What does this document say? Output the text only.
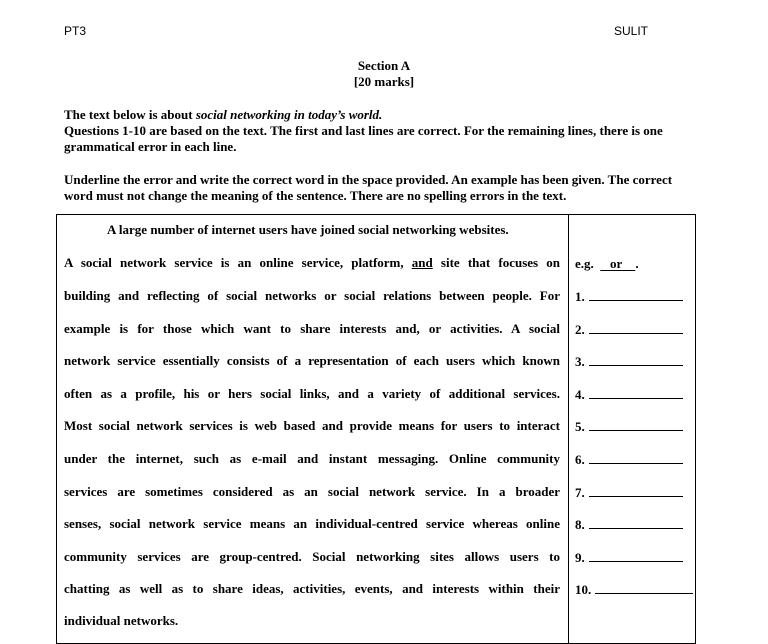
PT3	SULIT
Section A
[20 marks]

The text below is about social networking in today’s world.
Questions 1-10 are based on the text. The first and last lines are correct. For the remaining lines, there is one grammatical error in each line.

Underline the error and write the correct word in the space provided. An example has been given. The correct word must not change the meaning of the sentence. There are no spelling errors in the text.

A large number of internet users have joined social networking websites.
A social network service is an online service, platform, and site that focuses on
building and reflecting of social networks or social relations between people. For
example is for those which want to share interests and, or activities. A social
network service essentially consists of a representation of each users which known
often as a profile, his or hers social links, and a variety of additional services.
Most social network services is web based and provide means for users to interact
under the internet, such as e-mail and instant messaging. Online community
services are sometimes considered as an social network service. In a broader
senses, social network service means an individual-centred service whereas online
community services are group-centred. Social networking sites allows users to
chatting as well as to share ideas, activities, events, and interests within their
individual networks.
e.g. or .
1.
2.
3.
4.
5.
6.
7.
8.
9.
10.
